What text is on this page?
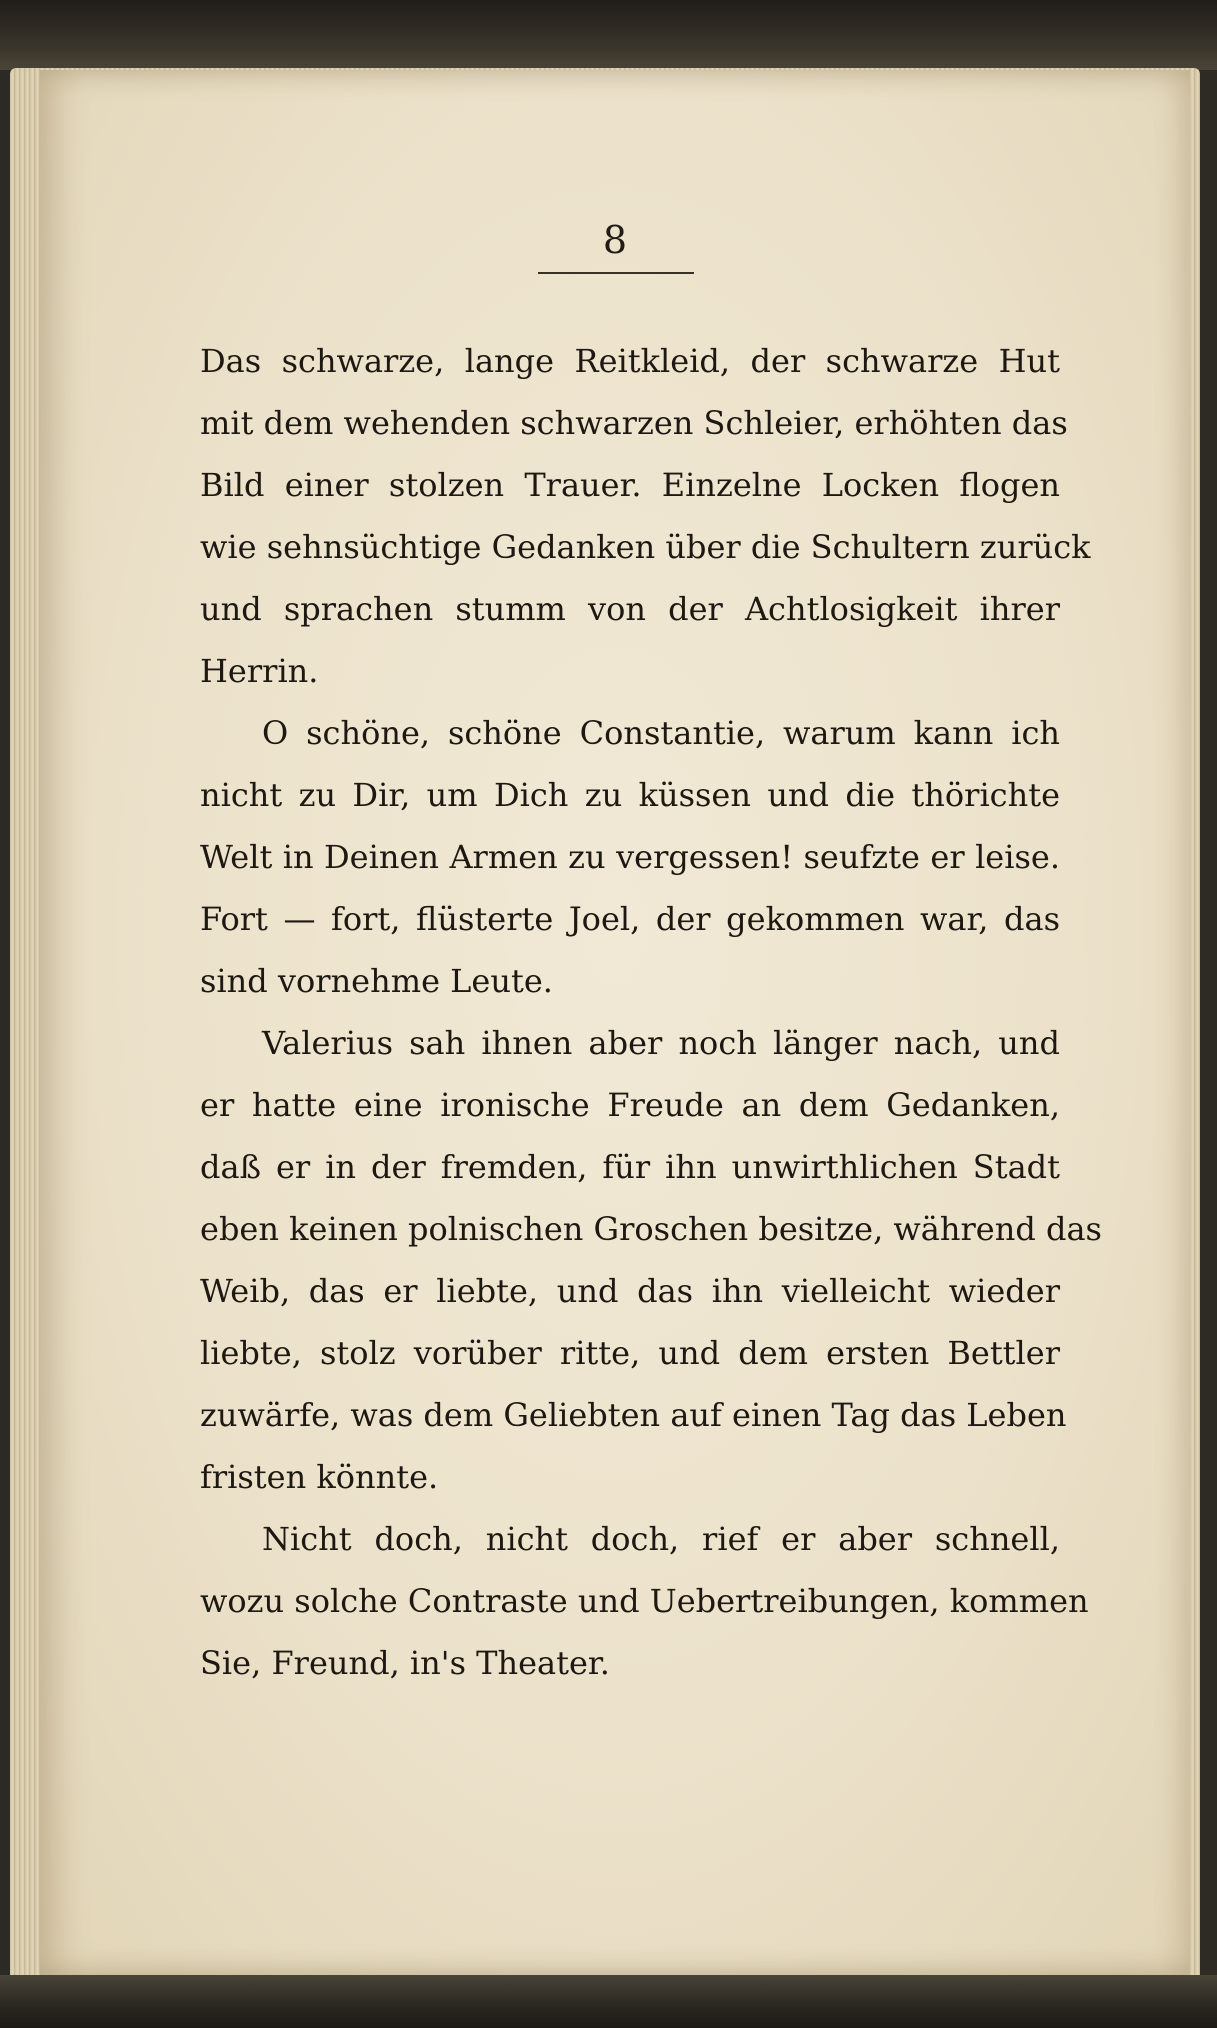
8
Das schwarze, lange Reitkleid, der schwarze Hut
mit dem wehenden schwarzen Schleier, erhöhten das
Bild einer stolzen Trauer. Einzelne Locken flogen
wie sehnsüchtige Gedanken über die Schultern zurück
und sprachen stumm von der Achtlosigkeit ihrer
Herrin.
O schöne, schöne Constantie, warum kann ich
nicht zu Dir, um Dich zu küssen und die thörichte
Welt in Deinen Armen zu vergessen! seufzte er leise.
Fort — fort, flüsterte Joel, der gekommen war, das
sind vornehme Leute.
Valerius sah ihnen aber noch länger nach, und
er hatte eine ironische Freude an dem Gedanken,
daß er in der fremden, für ihn unwirthlichen Stadt
eben keinen polnischen Groschen besitze, während das
Weib, das er liebte, und das ihn vielleicht wieder
liebte, stolz vorüber ritte, und dem ersten Bettler
zuwärfe, was dem Geliebten auf einen Tag das Leben
fristen könnte.
Nicht doch, nicht doch, rief er aber schnell,
wozu solche Contraste und Uebertreibungen, kommen
Sie, Freund, in's Theater.
